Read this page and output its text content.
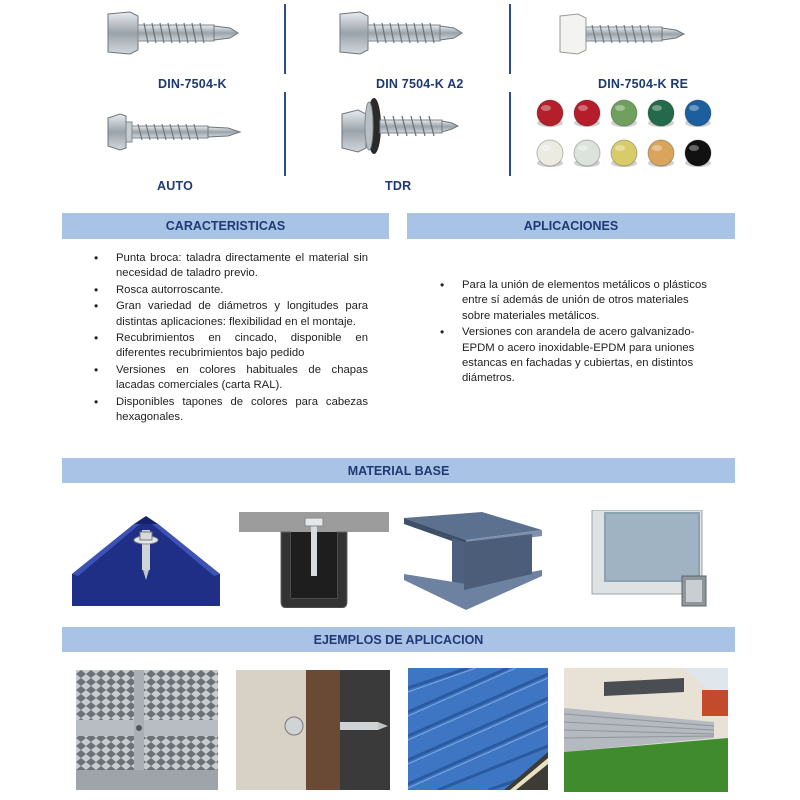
DIN-7504-K	DIN 7504-K A2	DIN-7504-K RE
AUTO	TDR
CARACTERISTICAS	APLICACIONES
• Punta broca: taladra directamente el material sin necesidad de taladro previo.
• Rosca autorroscante.
• Gran variedad de diámetros y longitudes para distintas aplicaciones: flexibilidad en el montaje.
• Recubrimientos en cincado, disponible en diferentes recubrimientos bajo pedido
• Versiones en colores habituales de chapas lacadas comerciales (carta RAL).
• Disponibles tapones de colores para cabezas hexagonales.
• Para la unión de elementos metálicos o plásticos entre sí además de unión de otros materiales sobre materiales metálicos.
• Versiones con arandela de acero galvanizado-EPDM o acero inoxidable-EPDM para uniones estancas en fachadas y cubiertas, en distintos diámetros.
MATERIAL BASE
EJEMPLOS DE APLICACION
